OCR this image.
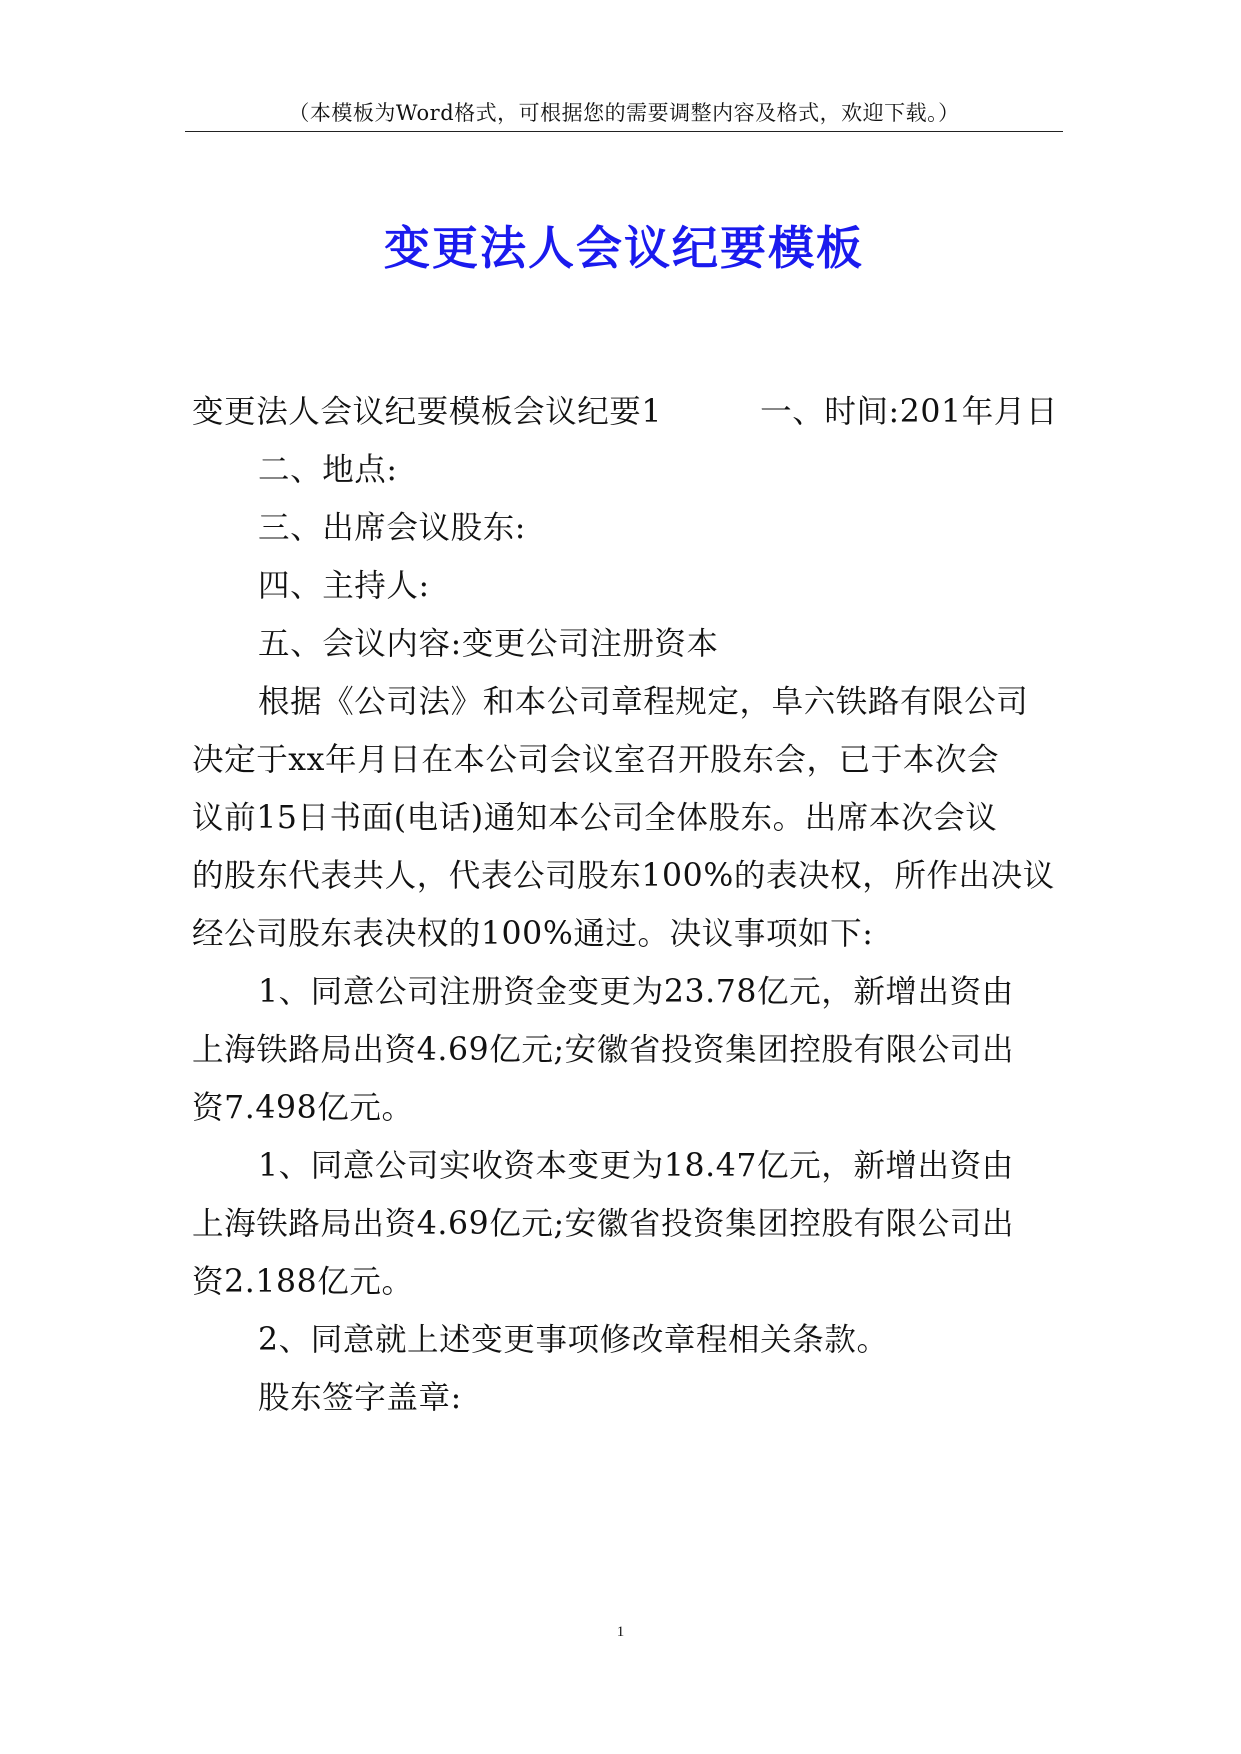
（本模板为Word格式，可根据您的需要调整内容及格式，欢迎下载。）
变更法人会议纪要模板
变更法人会议纪要模板会议纪要1	一、时间:201年月日
二、地点:
三、出席会议股东:
四、主持人:
五、会议内容:变更公司注册资本
根据《公司法》和本公司章程规定，阜六铁路有限公司
决定于xx年月日在本公司会议室召开股东会，已于本次会
议前15日书面(电话)通知本公司全体股东。出席本次会议
的股东代表共人，代表公司股东100%的表决权，所作出决议
经公司股东表决权的100%通过。决议事项如下:
1、同意公司注册资金变更为23.78亿元，新增出资由
上海铁路局出资4.69亿元;安徽省投资集团控股有限公司出
资7.498亿元。
1、同意公司实收资本变更为18.47亿元，新增出资由
上海铁路局出资4.69亿元;安徽省投资集团控股有限公司出
资2.188亿元。
2、同意就上述变更事项修改章程相关条款。
股东签字盖章:
1
